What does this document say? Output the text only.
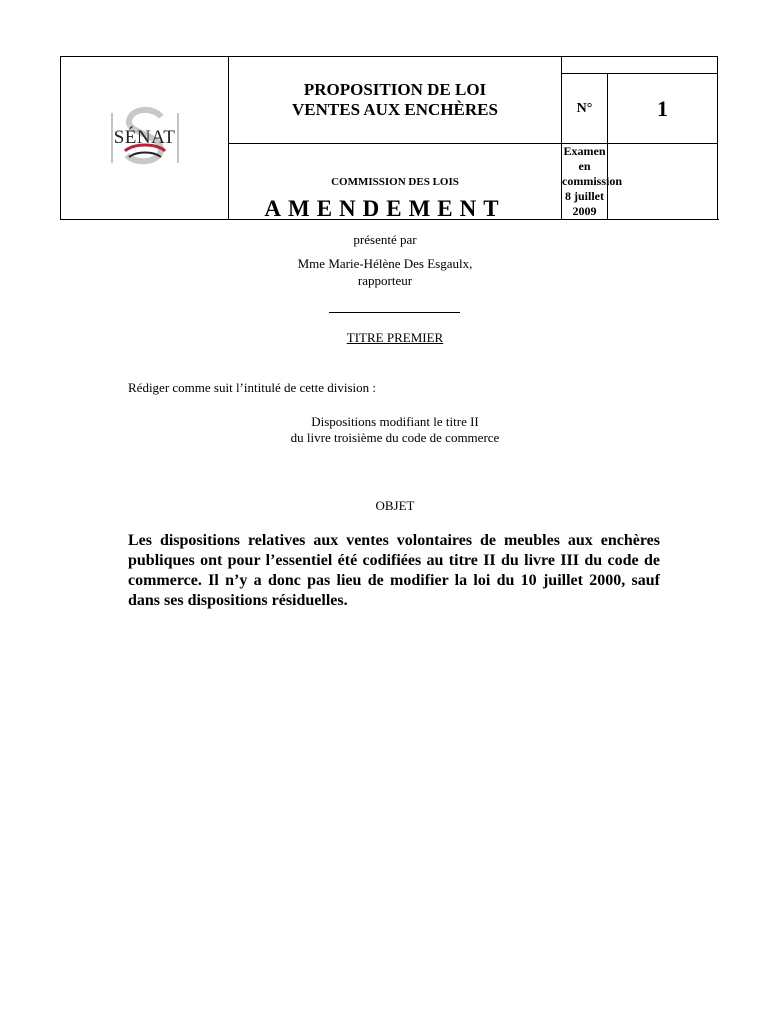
SÉNAT	PROPOSITION DE LOI
VENTES AUX ENCHÈRES		

		N°	1
	COMMISSION DES LOIS	Examen en commission
8 juillet 2009	

AMENDEMENT
présenté par
Mme Marie-Hélène Des Esgaulx,
rapporteur
TITRE PREMIER
Rédiger comme suit l’intitulé de cette division :
Dispositions modifiant le titre II
du livre troisième du code de commerce
OBJET
Les dispositions relatives aux ventes volontaires de meubles aux enchères publiques ont pour l’essentiel été codifiées au titre II du livre III du code de commerce. Il n’y a donc pas lieu de modifier la loi du 10 juillet 2000, sauf dans ses dispositions résiduelles.
